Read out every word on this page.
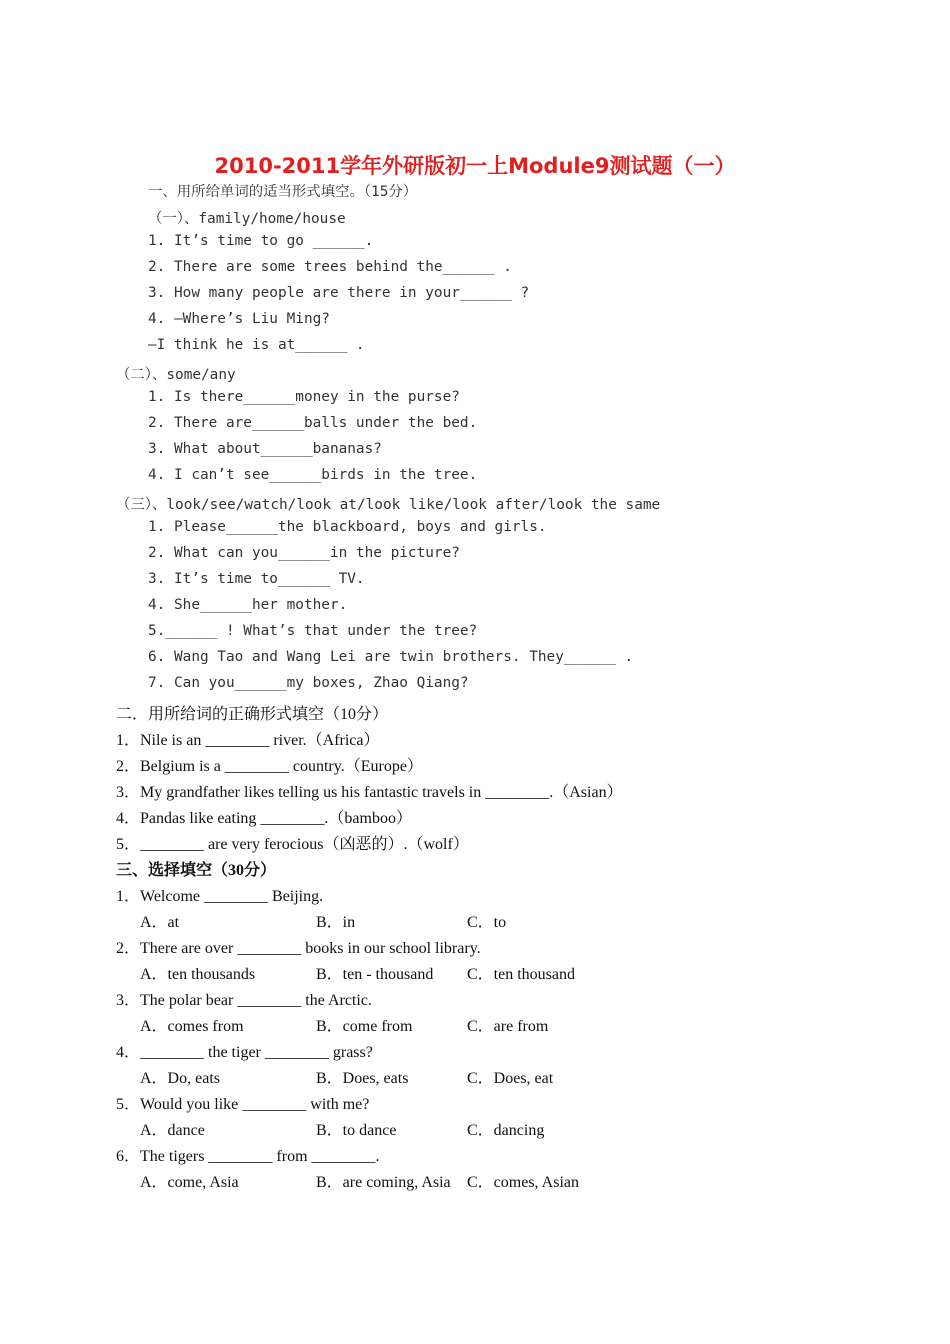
2010-2011学年外研版初一上Module9测试题（一）
一、用所给单词的适当形式填空。（15分）
（一）、family/home/house
1. It’s time to go ______.
2. There are some trees behind the______ .
3. How many people are there in your______ ?
4. —Where’s Liu Ming?
—I think he is at______ .
（二）、some/any
1. Is there______money in the purse?
2. There are______balls under the bed.
3. What about______bananas?
4. I can’t see______birds in the tree.
（三）、look/see/watch/look at/look like/look after/look the same
1. Please______the blackboard, boys and girls.
2. What can you______in the picture?
3. It’s time to______ TV.
4. She______her mother.
5.______ ! What’s that under the tree?
6. Wang Tao and Wang Lei are twin brothers. They______ .
7. Can you______my boxes, Zhao Qiang?
二．用所给词的正确形式填空（10分）
1．Nile is an ________ river.（Africa）
2．Belgium is a ________ country.（Europe）
3．My grandfather likes telling us his fantastic travels in ________.（Asian）
4．Pandas like eating ________.（bamboo）
5．________ are very ferocious（凶恶的）.（wolf）
三、选择填空（30分）
1．Welcome ________ Beijing.
A．at	B．in	C．to
2．There are over ________ books in our school library.
A．ten thousands	B．ten - thousand C．ten thousand
3．The polar bear ________ the Arctic.
A．comes from	B．come from	C．are from
4．________ the tiger ________ grass?
A．Do, eats	B．Does, eats	C．Does, eat
5．Would you like ________ with me?
A．dance	B．to dance	C．dancing
6．The tigers ________ from ________.
A．come, Asia	B．are coming, Asia C．comes, Asian
